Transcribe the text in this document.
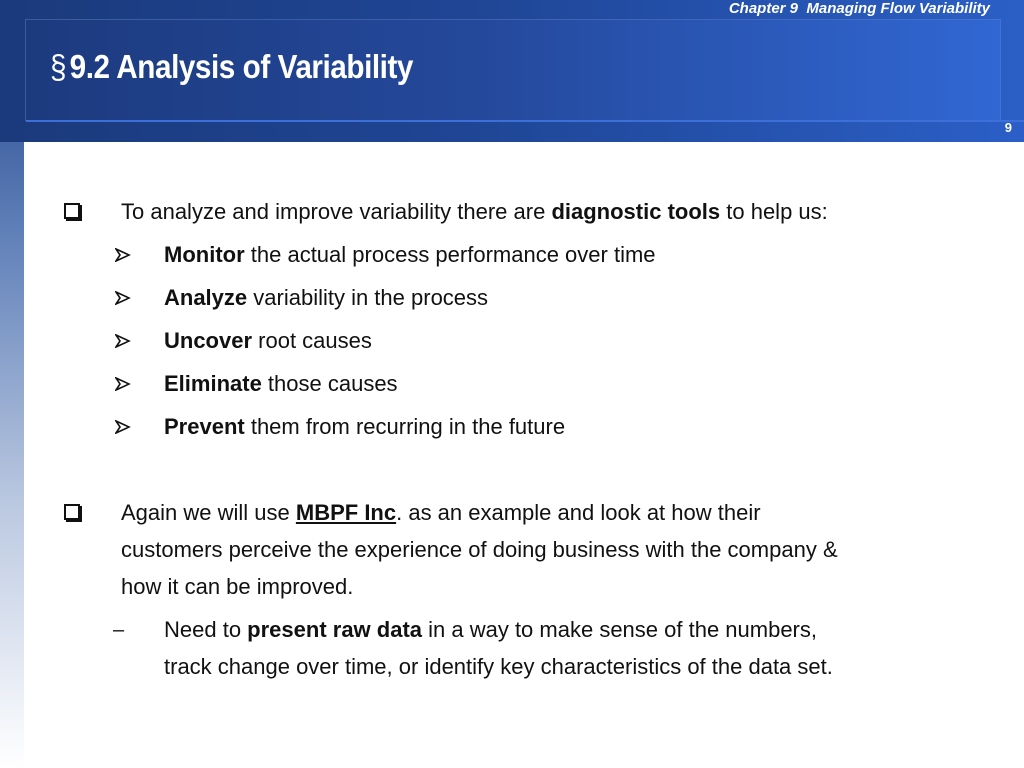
Chapter 9  Managing Flow Variability
9
§ 9.2 Analysis of Variability
To analyze and improve variability there are diagnostic tools to help us:
Monitor the actual process performance over time
Analyze variability in the process
Uncover root causes
Eliminate those causes
Prevent them from recurring in the future
Again we will use MBPF Inc. as an example and look at how their
customers perceive the experience of doing business with the company &
how it can be improved.
– Need to present raw data in a way to make sense of the numbers,
track change over time, or identify key characteristics of the data set.
